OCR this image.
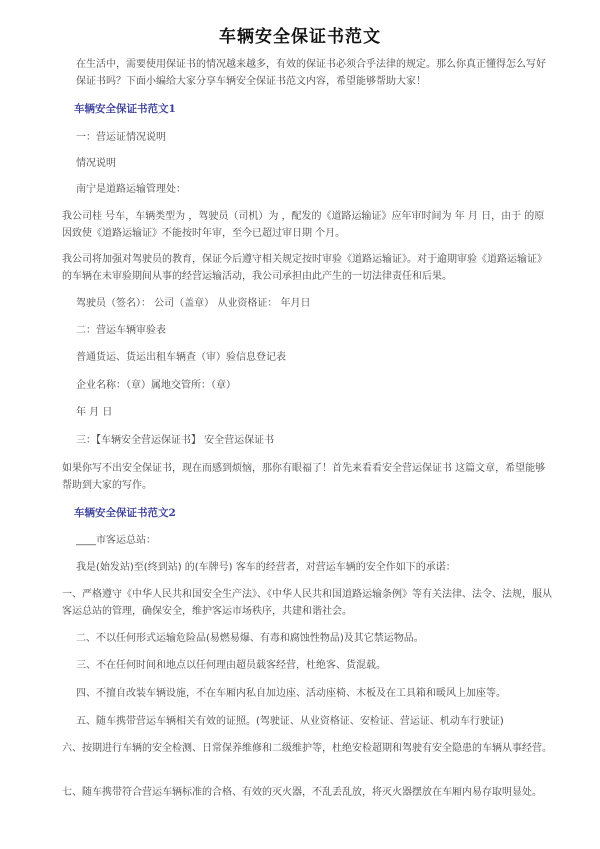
车辆安全保证书范文
在生活中，需要使用保证书的情况越来越多，有效的保证书必须合乎法律的规定。那么你真正懂得怎么写好保证书吗？下面小编给大家分享车辆安全保证书范文内容，希望能够帮助大家！
车辆安全保证书范文1
一：营运证情况说明
情况说明
南宁是道路运输管理处：
我公司桂 号车，车辆类型为 ，驾驶员（司机）为 ，配发的《道路运输证》应年审时间为 年 月 日，由于 的原因致使《道路运输证》不能按时年审，至今已超过审日期 个月。
我公司将加强对驾驶员的教育，保证今后遵守相关规定按时审验《道路运输证》。对于逾期审验《道路运输证》的车辆在未审验期间从事的经营运输活动，我公司承担由此产生的一切法律责任和后果。
驾驶员（签名）： 公司（盖章） 从业资格证： 年月日
二：营运车辆审验表
普通货运、货运出租车辆查（审）验信息登记表
企业名称：（章）属地交管所：（章）
年 月 日
三：【车辆安全营运保证书】 安全营运保证书
如果你写不出安全保证书，现在而感到烦恼，那你有眼福了！首先来看看安全营运保证书 这篇文章，希望能够帮助到大家的写作。
车辆安全保证书范文2
____市客运总站：
我是(始发站)至(终到站) 的(车牌号) 客车的经营者，对营运车辆的安全作如下的承诺：
一、严格遵守《中华人民共和国安全生产法》、《中华人民共和国道路运输条例》等有关法律、法令、法规，服从客运总站的管理，确保安全，维护客运市场秩序，共建和谐社会。
二、不以任何形式运输危险品(易燃易爆、有毒和腐蚀性物品)及其它禁运物品。
三、不在任何时间和地点以任何理由超员载客经营，杜绝客、货混载。
四、不擅自改装车辆设施，不在车厢内私自加边座、活动座椅、木板及在工具箱和暖风上加座等。
五、随车携带营运车辆相关有效的证照。(驾驶证、从业资格证、安检证、营运证、机动车行驶证)
六、按期进行车辆的安全检测、日常保养维修和二级维护等，杜绝安检超期和驾驶有安全隐患的车辆从事经营。
七、随车携带符合营运车辆标准的合格、有效的灭火器，不乱丢乱放，将灭火器摆放在车厢内易存取明显处。
